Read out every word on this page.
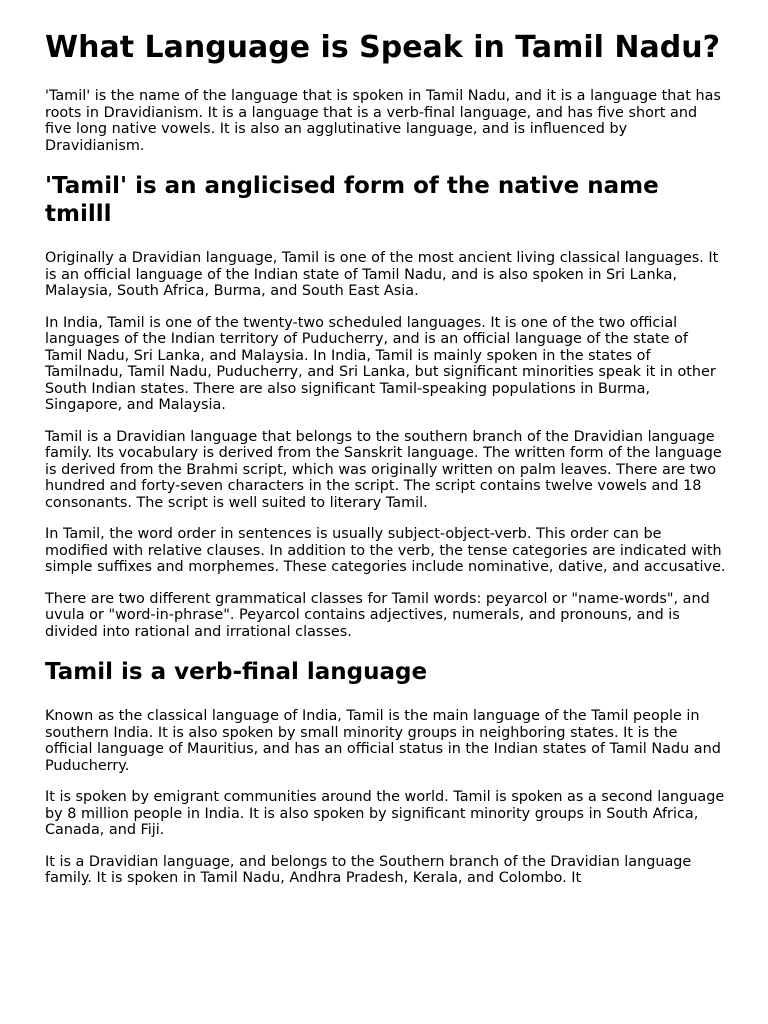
What Language is Speak in Tamil Nadu?

'Tamil' is the name of the language that is spoken in Tamil Nadu, and it is a language that has roots in Dravidianism. It is a language that is a verb-final language, and has five short and five long native vowels. It is also an agglutinative language, and is influenced by Dravidianism.

'Tamil' is an anglicised form of the native name tmilll

Originally a Dravidian language, Tamil is one of the most ancient living classical languages. It is an official language of the Indian state of Tamil Nadu, and is also spoken in Sri Lanka, Malaysia, South Africa, Burma, and South East Asia.

In India, Tamil is one of the twenty-two scheduled languages. It is one of the two official languages of the Indian territory of Puducherry, and is an official language of the state of Tamil Nadu, Sri Lanka, and Malaysia. In India, Tamil is mainly spoken in the states of Tamilnadu, Tamil Nadu, Puducherry, and Sri Lanka, but significant minorities speak it in other South Indian states. There are also significant Tamil-speaking populations in Burma, Singapore, and Malaysia.

Tamil is a Dravidian language that belongs to the southern branch of the Dravidian language family. Its vocabulary is derived from the Sanskrit language. The written form of the language is derived from the Brahmi script, which was originally written on palm leaves. There are two hundred and forty-seven characters in the script. The script contains twelve vowels and 18 consonants. The script is well suited to literary Tamil.

In Tamil, the word order in sentences is usually subject-object-verb. This order can be modified with relative clauses. In addition to the verb, the tense categories are indicated with simple suffixes and morphemes. These categories include nominative, dative, and accusative.

There are two different grammatical classes for Tamil words: peyarcol or "name-words", and uvula or "word-in-phrase". Peyarcol contains adjectives, numerals, and pronouns, and is divided into rational and irrational classes.

Tamil is a verb-final language

Known as the classical language of India, Tamil is the main language of the Tamil people in southern India. It is also spoken by small minority groups in neighboring states. It is the official language of Mauritius, and has an official status in the Indian states of Tamil Nadu and Puducherry.

It is spoken by emigrant communities around the world. Tamil is spoken as a second language by 8 million people in India. It is also spoken by significant minority groups in South Africa, Canada, and Fiji.

It is a Dravidian language, and belongs to the Southern branch of the Dravidian language family. It is spoken in Tamil Nadu, Andhra Pradesh, Kerala, and Colombo. It
